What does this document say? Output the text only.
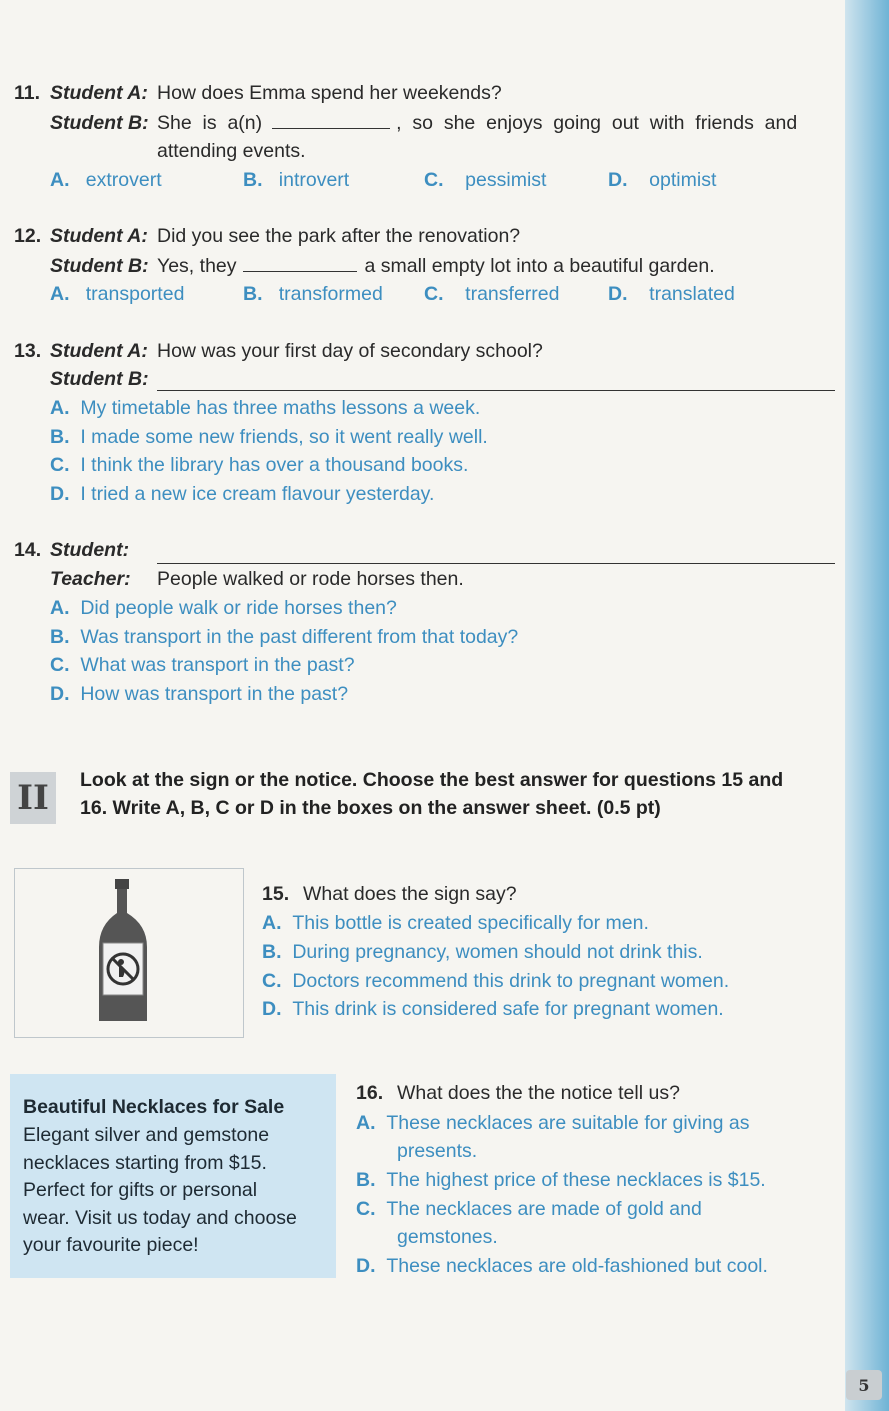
11. Student A: How does Emma spend her weekends?
Student B: She  is  a(n)	,  so  she  enjoys  going  out  with  friends  and
attending events.
A. extrovert	B. introvert	C. pessimist	D. optimist
12. Student A: Did you see the park after the renovation?
Student B: Yes, they	a small empty lot into a beautiful garden.
A. transported	B. transformed C. transferred D. translated
13. Student A: How was your first day of secondary school?
Student B:
A. My timetable has three maths lessons a week.
B. I made some new friends, so it went really well.
C. I think the library has over a thousand books.
D. I tried a new ice cream flavour yesterday.
14. Student:
Teacher: People walked or rode horses then.
A. Did people walk or ride horses then?
B. Was transport in the past different from that today?
C. What was transport in the past?
D. How was transport in the past?
II	Look at the sign or the notice. Choose the best answer for questions 15 and
16. Write A, B, C or D in the boxes on the answer sheet. (0.5 pt)
15. What does the sign say?
A. This bottle is created specifically for men.
B. During pregnancy, women should not drink this.
C. Doctors recommend this drink to pregnant women.
D. This drink is considered safe for pregnant women.
Beautiful Necklaces for Sale
Elegant silver and gemstone
necklaces starting from $15.
Perfect for gifts or personal
wear. Visit us today and choose
your favourite piece!
16. What does the the notice tell us?
A. These necklaces are suitable for giving as
presents.
B. The highest price of these necklaces is $15.
C. The necklaces are made of gold and
gemstones.
D. These necklaces are old-fashioned but cool.
5
